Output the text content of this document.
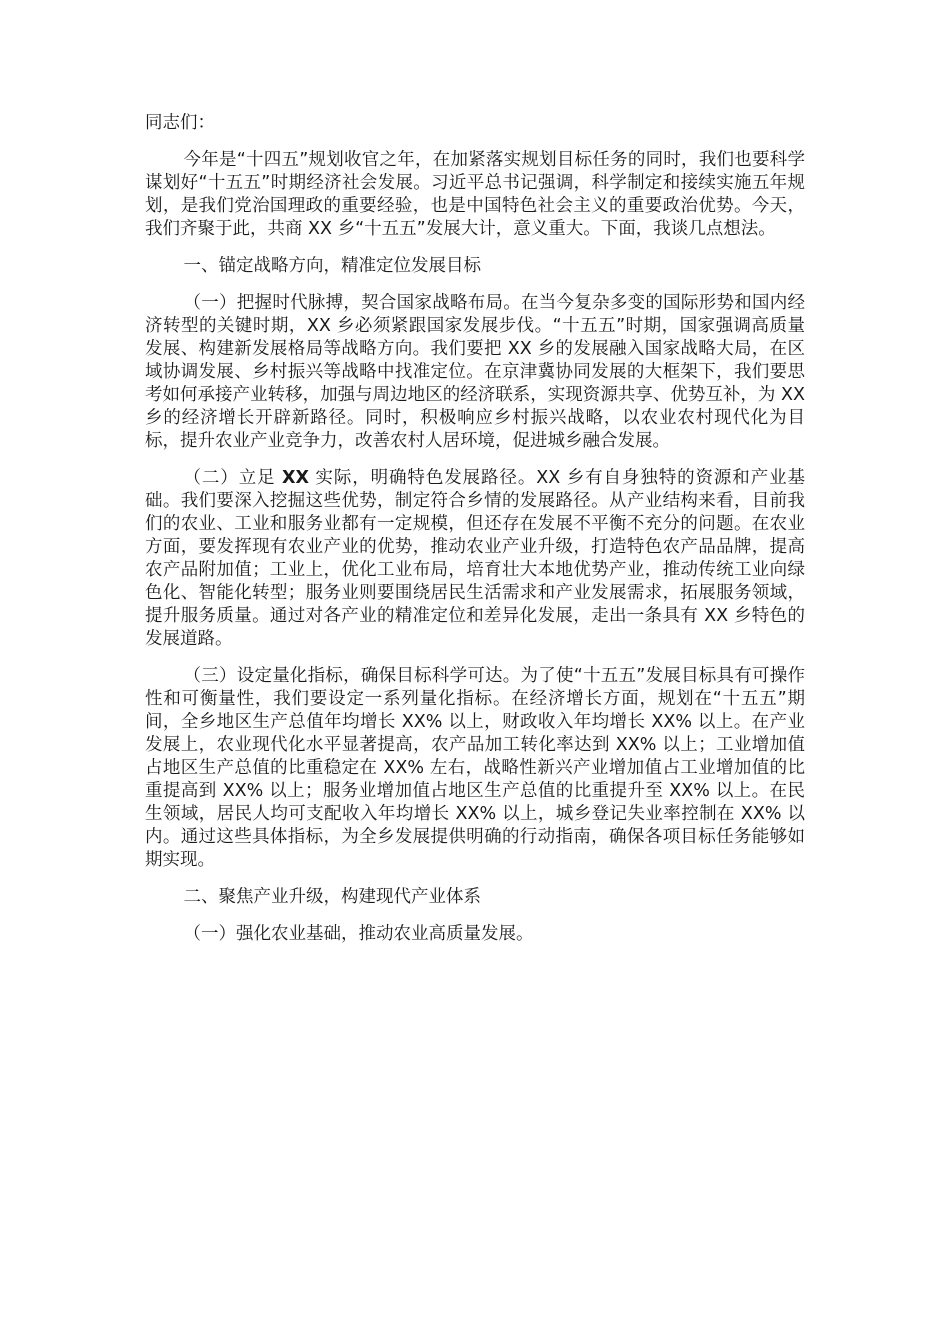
同志们：

今年是“十四五”规划收官之年，在加紧落实规划目标任务的同时，我们也要科学谋划好“十五五”时期经济社会发展。习近平总书记强调，科学制定和接续实施五年规划，是我们党治国理政的重要经验，也是中国特色社会主义的重要政治优势。今天，我们齐聚于此，共商 XX 乡“十五五”发展大计，意义重大。下面，我谈几点想法。

一、锚定战略方向，精准定位发展目标

（一）把握时代脉搏，契合国家战略布局。在当今复杂多变的国际形势和国内经济转型的关键时期，XX 乡必须紧跟国家发展步伐。“十五五”时期，国家强调高质量发展、构建新发展格局等战略方向。我们要把 XX 乡的发展融入国家战略大局，在区域协调发展、乡村振兴等战略中找准定位。在京津冀协同发展的大框架下，我们要思考如何承接产业转移，加强与周边地区的经济联系，实现资源共享、优势互补，为 XX 乡的经济增长开辟新路径。同时，积极响应乡村振兴战略，以农业农村现代化为目标，提升农业产业竞争力，改善农村人居环境，促进城乡融合发展。

（二）立足 XX 实际，明确特色发展路径。XX 乡有自身独特的资源和产业基础。我们要深入挖掘这些优势，制定符合乡情的发展路径。从产业结构来看，目前我们的农业、工业和服务业都有一定规模，但还存在发展不平衡不充分的问题。在农业方面，要发挥现有农业产业的优势，推动农业产业升级，打造特色农产品品牌，提高农产品附加值；工业上，优化工业布局，培育壮大本地优势产业，推动传统工业向绿色化、智能化转型；服务业则要围绕居民生活需求和产业发展需求，拓展服务领域，提升服务质量。通过对各产业的精准定位和差异化发展，走出一条具有 XX 乡特色的发展道路。

（三）设定量化指标，确保目标科学可达。为了使“十五五”发展目标具有可操作性和可衡量性，我们要设定一系列量化指标。在经济增长方面，规划在“十五五”期间，全乡地区生产总值年均增长 XX% 以上，财政收入年均增长 XX% 以上。在产业发展上，农业现代化水平显著提高，农产品加工转化率达到 XX% 以上；工业增加值占地区生产总值的比重稳定在 XX% 左右，战略性新兴产业增加值占工业增加值的比重提高到 XX% 以上；服务业增加值占地区生产总值的比重提升至 XX% 以上。在民生领域，居民人均可支配收入年均增长 XX% 以上，城乡登记失业率控制在 XX% 以内。通过这些具体指标，为全乡发展提供明确的行动指南，确保各项目标任务能够如期实现。

二、聚焦产业升级，构建现代产业体系

（一）强化农业基础，推动农业高质量发展。
